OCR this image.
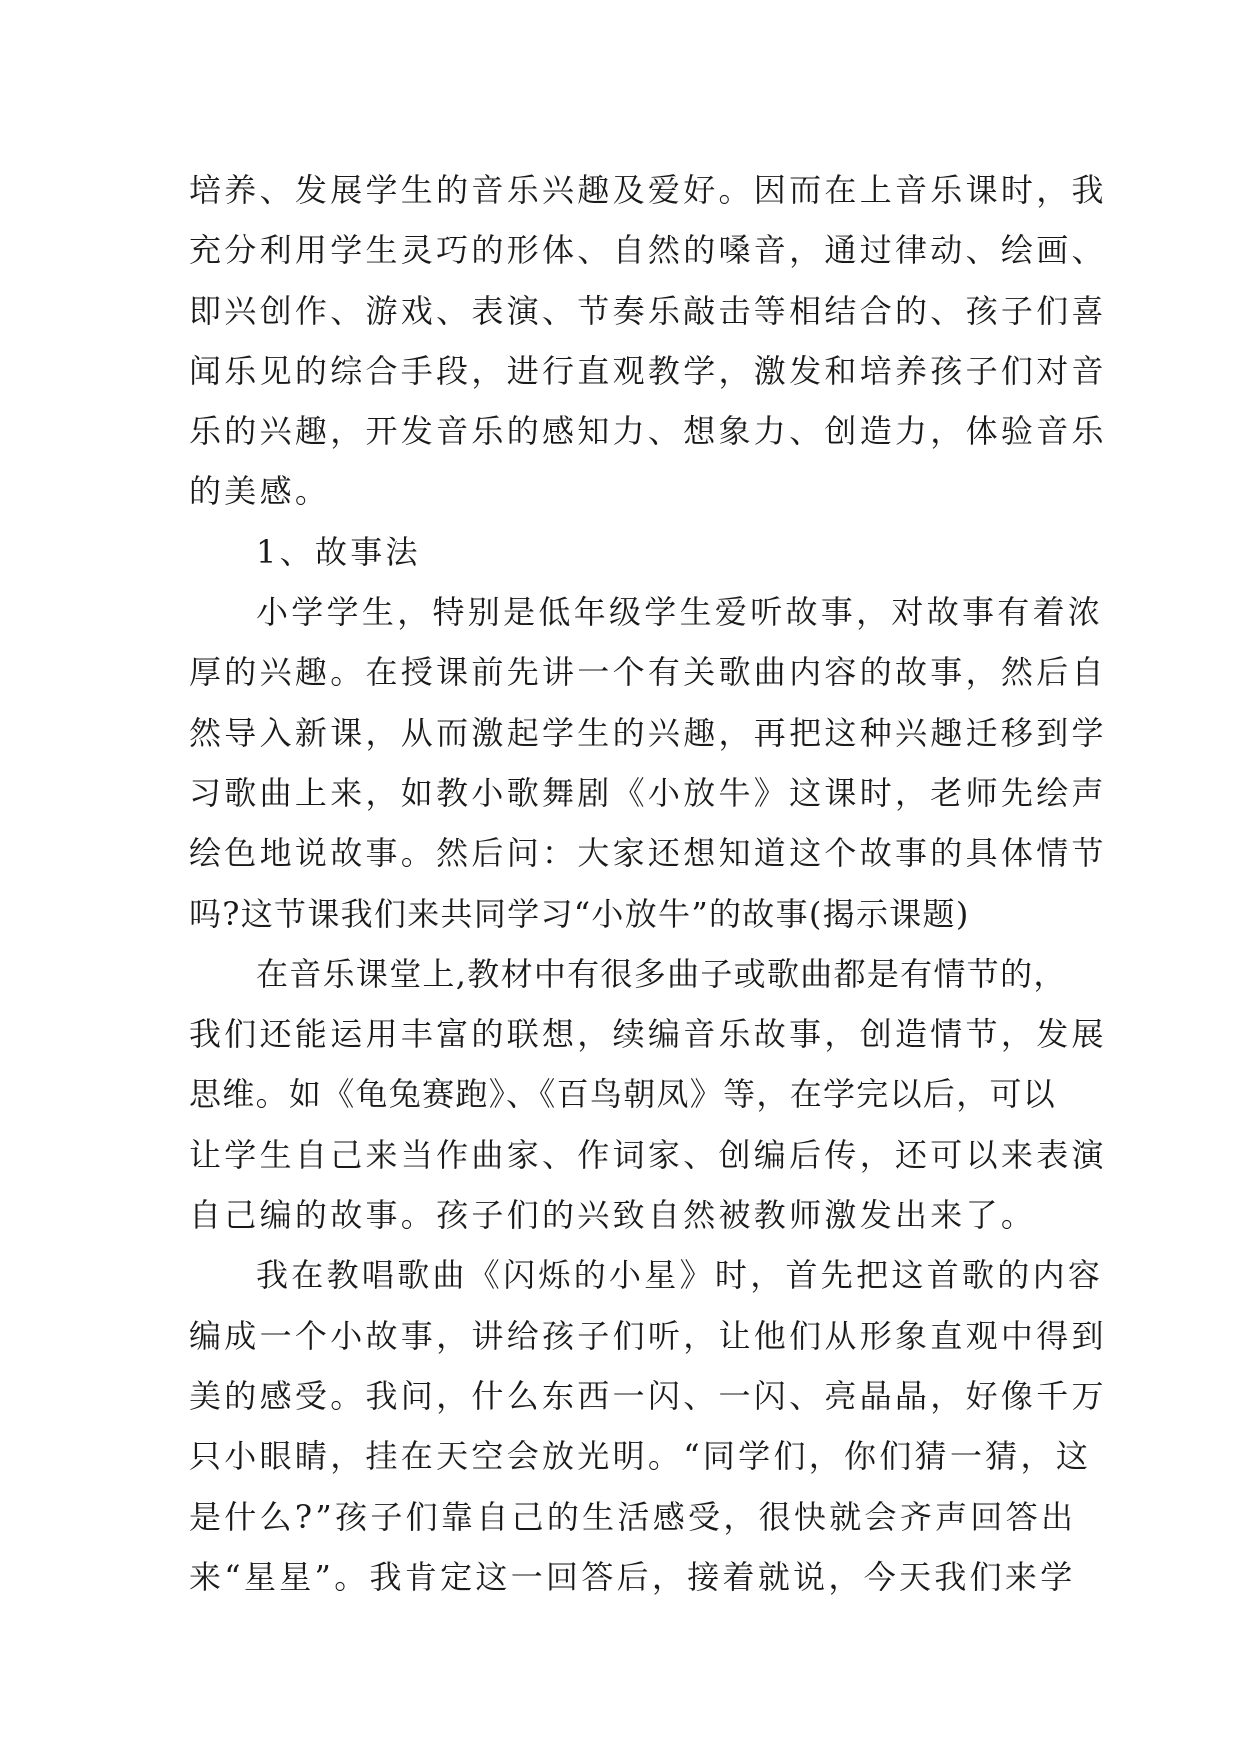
培养、发展学生的音乐兴趣及爱好。因而在上音乐课时，我
充分利用学生灵巧的形体、自然的嗓音，通过律动、绘画、
即兴创作、游戏、表演、节奏乐敲击等相结合的、孩子们喜
闻乐见的综合手段，进行直观教学，激发和培养孩子们对音
乐的兴趣，开发音乐的感知力、想象力、创造力，体验音乐
的美感。
1、故事法
小学学生，特别是低年级学生爱听故事，对故事有着浓
厚的兴趣。在授课前先讲一个有关歌曲内容的故事，然后自
然导入新课，从而激起学生的兴趣，再把这种兴趣迁移到学
习歌曲上来，如教小歌舞剧《小放牛》这课时，老师先绘声
绘色地说故事。然后问：大家还想知道这个故事的具体情节
吗?这节课我们来共同学习“小放牛”的故事(揭示课题)
在音乐课堂上,教材中有很多曲子或歌曲都是有情节的，
我们还能运用丰富的联想，续编音乐故事，创造情节，发展
思维。如《龟兔赛跑》、《百鸟朝凤》等，在学完以后，可以
让学生自己来当作曲家、作词家、创编后传，还可以来表演
自己编的故事。孩子们的兴致自然被教师激发出来了。
我在教唱歌曲《闪烁的小星》时，首先把这首歌的内容
编成一个小故事，讲给孩子们听，让他们从形象直观中得到
美的感受。我问，什么东西一闪、一闪、亮晶晶，好像千万
只小眼睛，挂在天空会放光明。“同学们，你们猜一猜，这
是什么?”孩子们靠自己的生活感受，很快就会齐声回答出
来“星星”。我肯定这一回答后，接着就说，今天我们来学
